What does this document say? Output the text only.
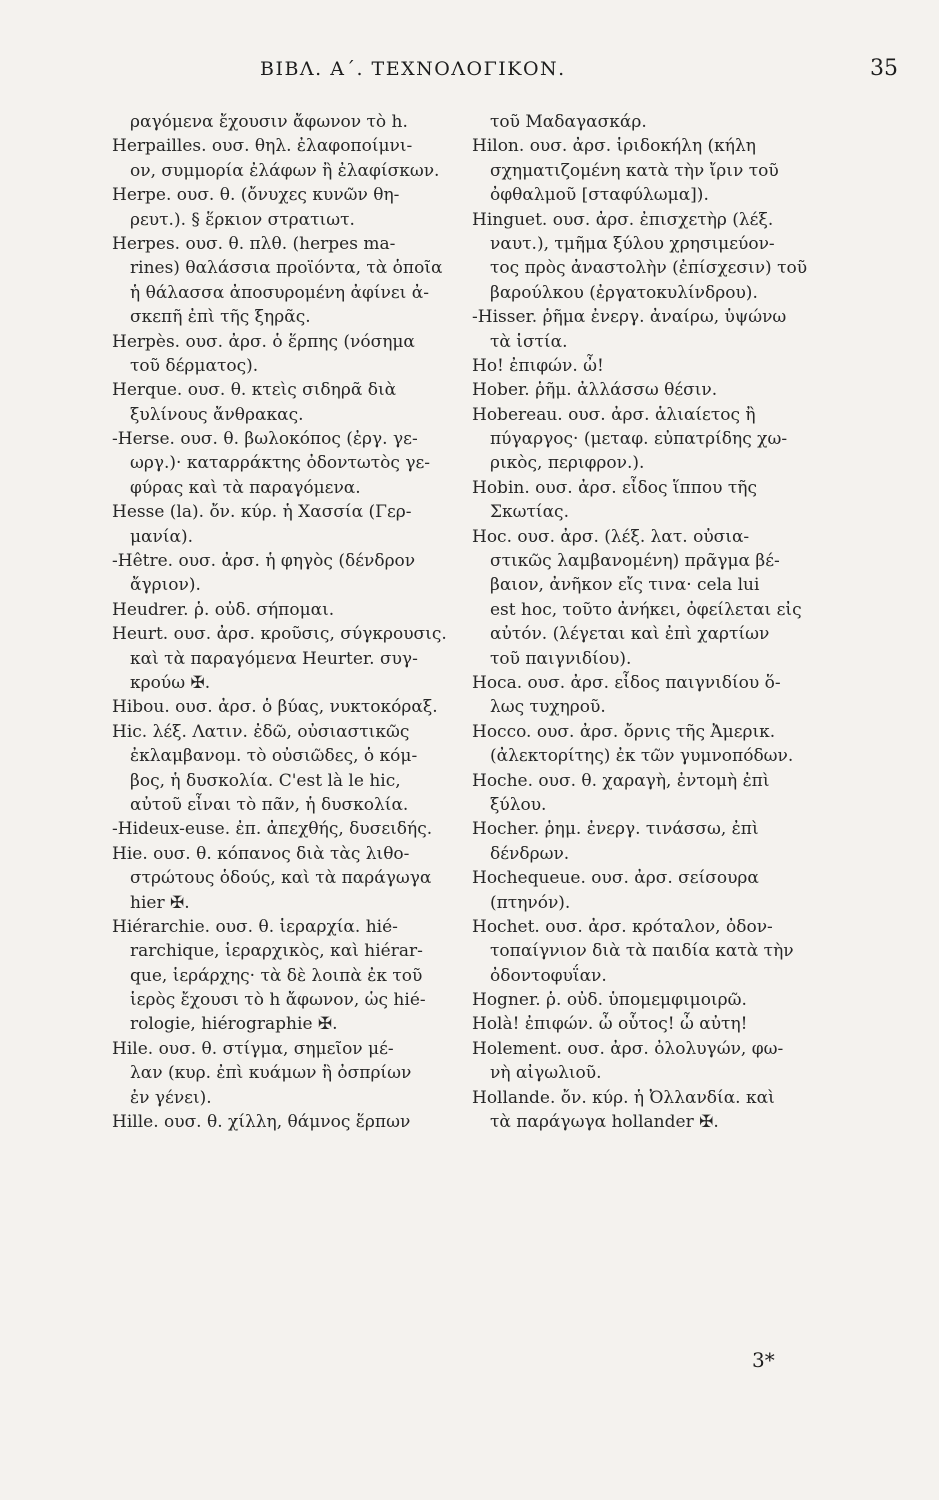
ΒΙΒΛ. Α΄. ΤΕΧΝΟΛΟΓΙΚΟΝ.	35
ραγόμενα ἔχουσιν ἄφωνον τὸ h.
Herpailles. ουσ. θηλ. ἐλαφοποίμνι-
ον, συμμορία ἐλάφων ἢ ἐλαφίσκων.
Herpe. ουσ. θ. (ὄνυχες κυνῶν θη-
ρευτ.). § ἕρκιον στρατιωτ.
Herpes. ουσ. θ. πλθ. (herpes ma-
rines) θαλάσσια προϊόντα, τὰ ὁποῖα
ἡ θάλασσα ἀποσυρομένη ἀφίνει ἀ-
σκεπῆ ἐπὶ τῆς ξηρᾶς.
Herpès. ουσ. ἀρσ. ὁ ἕρπης (νόσημα
τοῦ δέρματος).
Herque. ουσ. θ. κτεὶς σιδηρᾶ διὰ
ξυλίνους ἄνθρακας.
-Herse. ουσ. θ. βωλοκόπος (ἐργ. γε-
ωργ.)· καταρράκτης ὀδοντωτὸς γε-
φύρας καὶ τὰ παραγόμενα.
Hesse (la). ὄν. κύρ. ἡ Χασσία (Γερ-
μανία).
-Hêtre. ουσ. ἀρσ. ἡ φηγὸς (δένδρον
ἄγριον).
Heudrer. ῥ. οὐδ. σήπομαι.
Heurt. ουσ. ἀρσ. κροῦσις, σύγκρουσις.
καὶ τὰ παραγόμενα Heurter. συγ-
κρούω ✠.
Hibou. ουσ. ἀρσ. ὁ βύας, νυκτοκόραξ.
Hic. λέξ. Λατιν. ἐδῶ, οὐσιαστικῶς
ἐκλαμβανομ. τὸ οὐσιῶδες, ὁ κόμ-
βος, ἡ δυσκολία. C'est là le hic,
αὐτοῦ εἶναι τὸ πᾶν, ἡ δυσκολία.
-Hideux-euse. ἐπ. ἀπεχθής, δυσειδής.
Hie. ουσ. θ. κόπανος διὰ τὰς λιθο-
στρώτους ὁδούς, καὶ τὰ παράγωγα
hier ✠.
Hiérarchie. ουσ. θ. ἱεραρχία. hié-
rarchique, ἱεραρχικὸς, καὶ hiérar-
que, ἱεράρχης· τὰ δὲ λοιπὰ ἐκ τοῦ
ἱερὸς ἔχουσι τὸ h ἄφωνον, ὡς hié-
rologie, hiérographie ✠.
Hile. ουσ. θ. στίγμα, σημεῖον μέ-
λαν (κυρ. ἐπὶ κυάμων ἢ ὀσπρίων
ἐν γένει).
Hille. ουσ. θ. χίλλη, θάμνος ἕρπων
τοῦ Μαδαγασκάρ.
Hilon. ουσ. ἀρσ. ἱριδοκήλη (κήλη
σχηματιζομένη κατὰ τὴν ἴριν τοῦ
ὀφθαλμοῦ [σταφύλωμα]).
Hinguet. ουσ. ἀρσ. ἐπισχετὴρ (λέξ.
ναυτ.), τμῆμα ξύλου χρησιμεύον-
τος πρὸς ἀναστολὴν (ἐπίσχεσιν) τοῦ
βαρούλκου (ἐργατοκυλίνδρου).
-Hisser. ῥῆμα ἐνεργ. ἀναίρω, ὑψώνω
τὰ ἱστία.
Ho! ἐπιφών. ὦ!
Hober. ῥῆμ. ἀλλάσσω θέσιν.
Hobereau. ουσ. ἀρσ. ἁλιαίετος ἢ
πύγαργος· (μεταφ. εὐπατρίδης χω-
ρικὸς, περιφρον.).
Hobin. ουσ. ἀρσ. εἶδος ἵππου τῆς
Σκωτίας.
Hoc. ουσ. ἀρσ. (λέξ. λατ. οὐσια-
στικῶς λαμβανομένη) πρᾶγμα βέ-
βαιον, ἀνῆκον εἴς τινα· cela lui
est hoc, τοῦτο ἀνήκει, ὀφείλεται εἰς
αὐτόν. (λέγεται καὶ ἐπὶ χαρτίων
τοῦ παιγνιδίου).
Hoca. ουσ. ἀρσ. εἶδος παιγνιδίου ὅ-
λως τυχηροῦ.
Hocco. ουσ. ἀρσ. ὄρνις τῆς Ἀμερικ.
(ἀλεκτορίτης) ἐκ τῶν γυμνοπόδων.
Hoche. ουσ. θ. χαραγὴ, ἐντομὴ ἐπὶ
ξύλου.
Hocher. ῥημ. ἐνεργ. τινάσσω, ἐπὶ
δένδρων.
Hochequeue. ουσ. ἀρσ. σείσουρα
(πτηνόν).
Hochet. ουσ. ἀρσ. κρόταλον, ὀδον-
τοπαίγνιον διὰ τὰ παιδία κατὰ τὴν
ὀδοντοφυΐαν.
Hogner. ῥ. οὐδ. ὑπομεμφιμοιρῶ.
Holà! ἐπιφών. ὦ οὗτος! ὦ αὐτη!
Holement. ουσ. ἀρσ. ὀλολυγών, φω-
νὴ αἰγωλιοῦ.
Hollande. ὄν. κύρ. ἡ Ὀλλανδία. καὶ
τὰ παράγωγα hollander ✠.
3*
